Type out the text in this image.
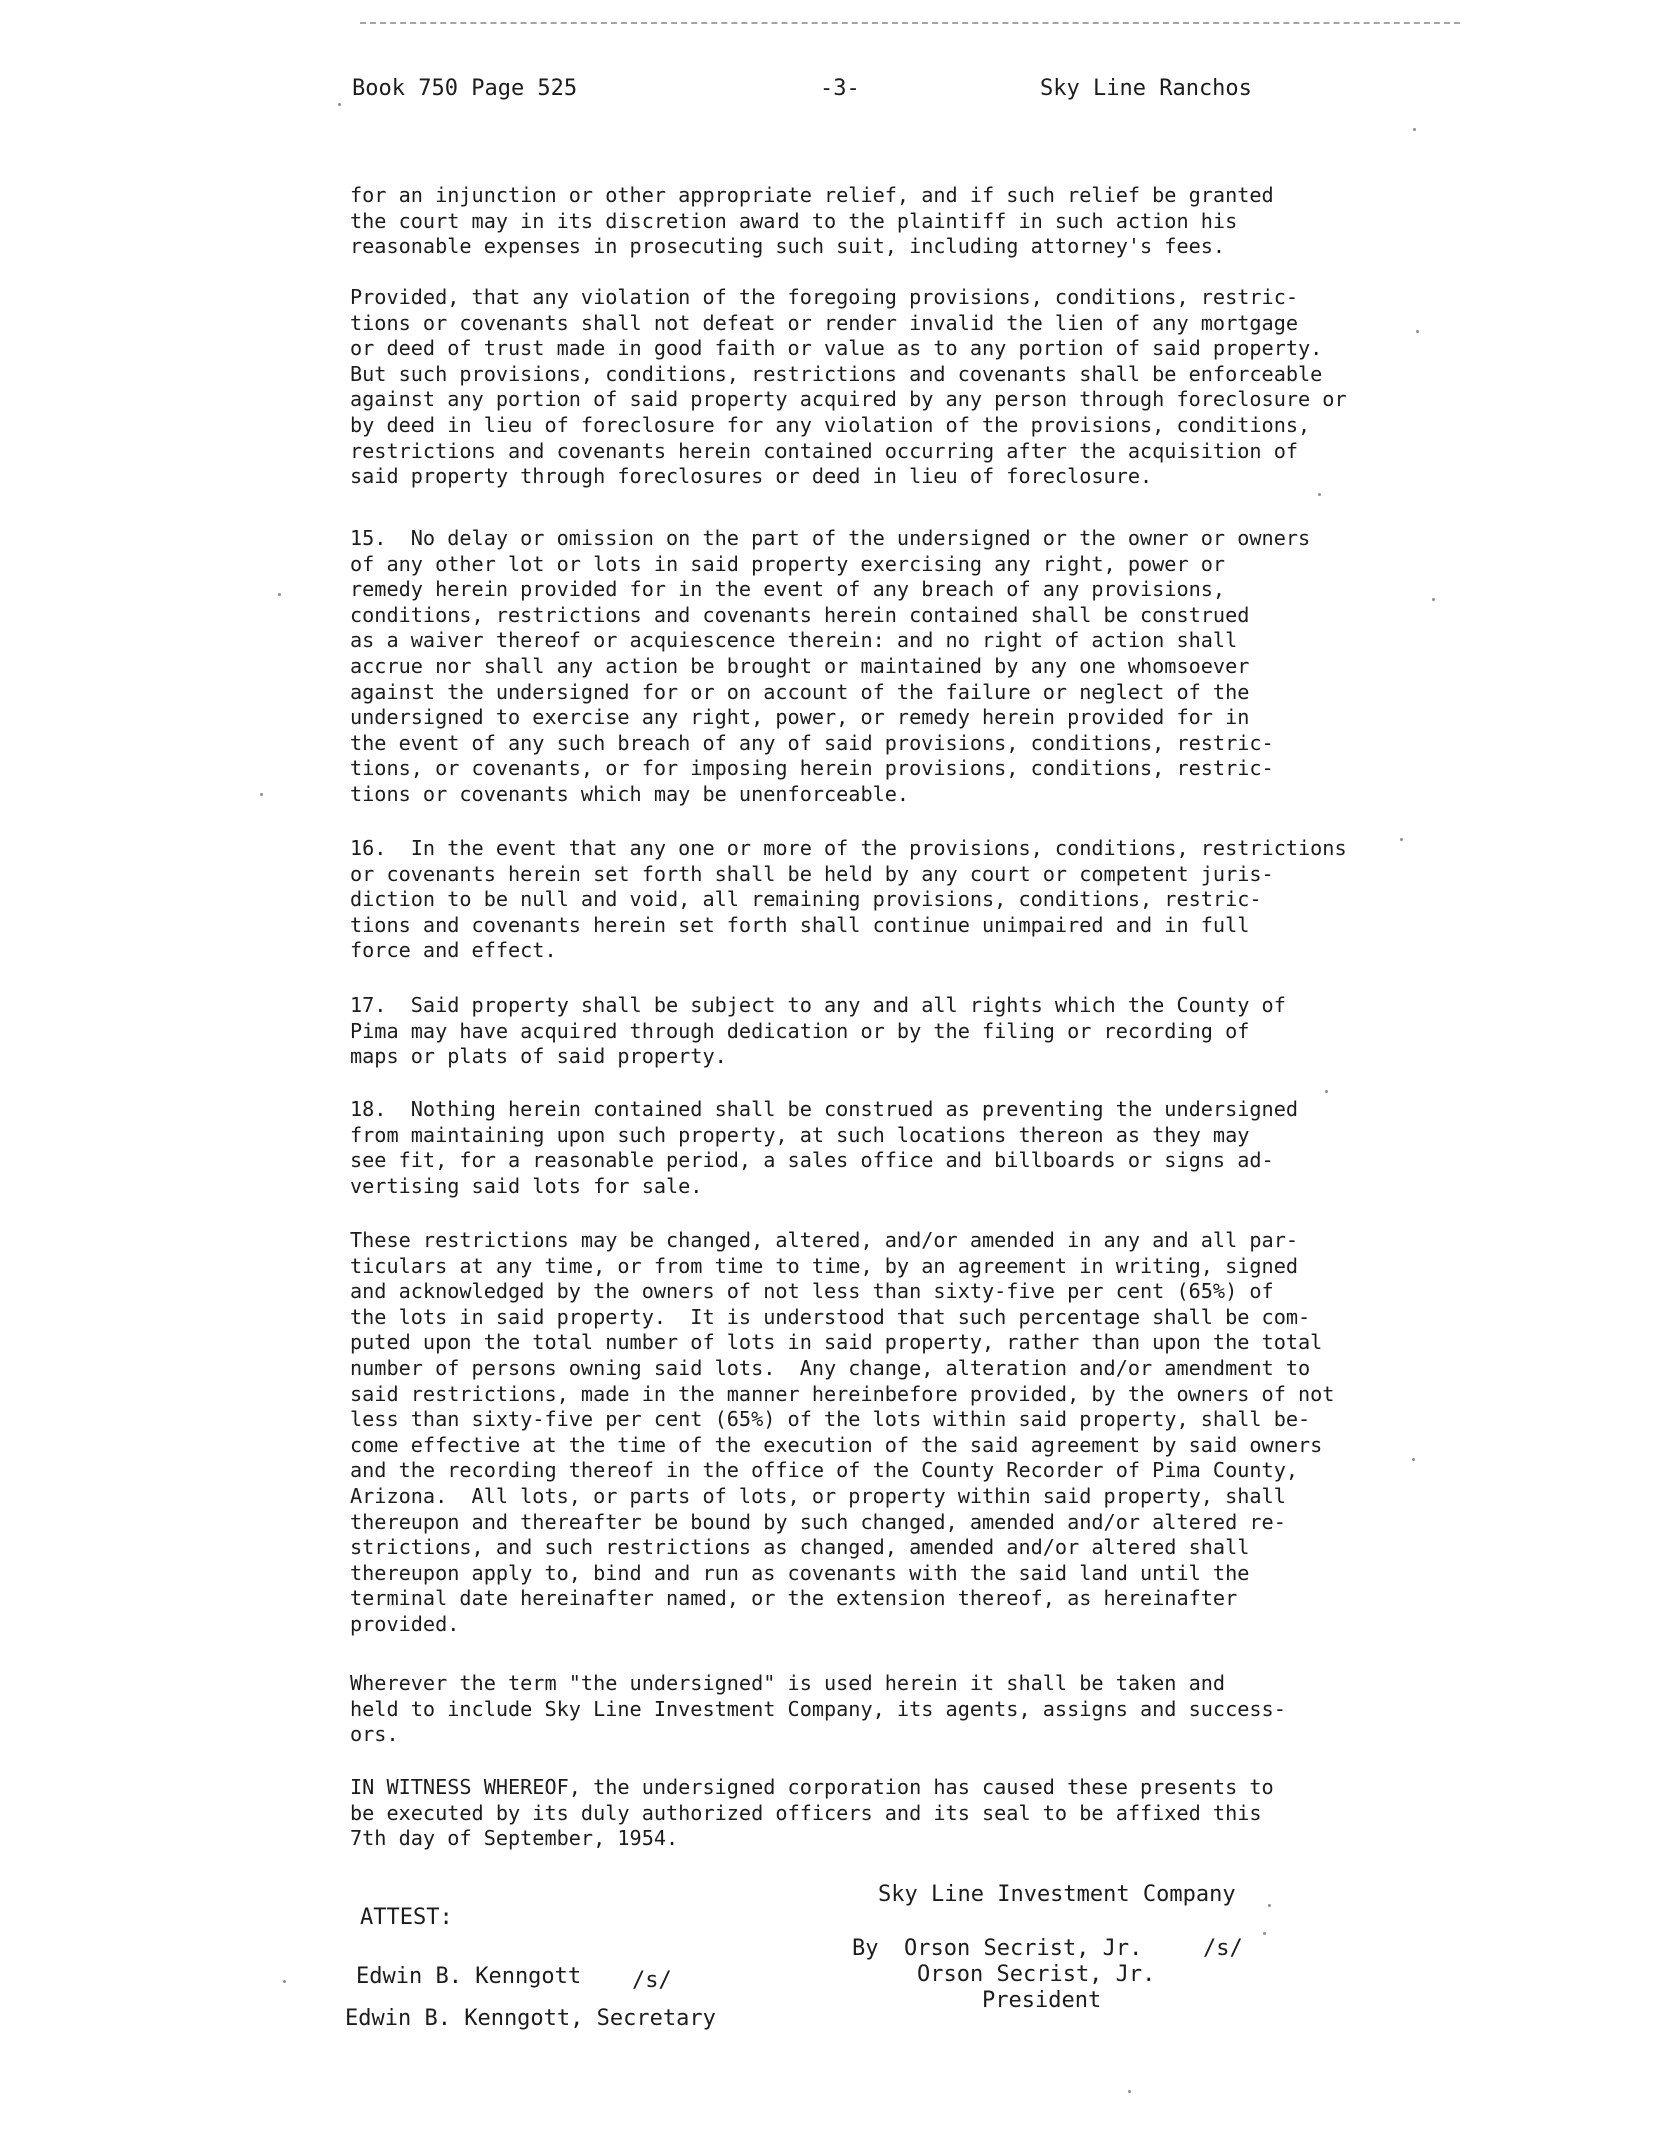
Book 750 Page 525	-3-	Sky Line Ranchos

for an injunction or other appropriate relief, and if such relief be granted
the court may in its discretion award to the plaintiff in such action his
reasonable expenses in prosecuting such suit, including attorney's fees.

Provided, that any violation of the foregoing provisions, conditions, restric-
tions or covenants shall not defeat or render invalid the lien of any mortgage
or deed of trust made in good faith or value as to any portion of said property.
But such provisions, conditions, restrictions and covenants shall be enforceable
against any portion of said property acquired by any person through foreclosure or
by deed in lieu of foreclosure for any violation of the provisions, conditions,
restrictions and covenants herein contained occurring after the acquisition of
said property through foreclosures or deed in lieu of foreclosure.

15.  No delay or omission on the part of the undersigned or the owner or owners
of any other lot or lots in said property exercising any right, power or
remedy herein provided for in the event of any breach of any provisions,
conditions, restrictions and covenants herein contained shall be construed
as a waiver thereof or acquiescence therein: and no right of action shall
accrue nor shall any action be brought or maintained by any one whomsoever
against the undersigned for or on account of the failure or neglect of the
undersigned to exercise any right, power, or remedy herein provided for in
the event of any such breach of any of said provisions, conditions, restric-
tions, or covenants, or for imposing herein provisions, conditions, restric-
tions or covenants which may be unenforceable.

16.  In the event that any one or more of the provisions, conditions, restrictions
or covenants herein set forth shall be held by any court or competent juris-
diction to be null and void, all remaining provisions, conditions, restric-
tions and covenants herein set forth shall continue unimpaired and in full
force and effect.

17.  Said property shall be subject to any and all rights which the County of
Pima may have acquired through dedication or by the filing or recording of
maps or plats of said property.

18.  Nothing herein contained shall be construed as preventing the undersigned
from maintaining upon such property, at such locations thereon as they may
see fit, for a reasonable period, a sales office and billboards or signs ad-
vertising said lots for sale.

These restrictions may be changed, altered, and/or amended in any and all par-
ticulars at any time, or from time to time, by an agreement in writing, signed
and acknowledged by the owners of not less than sixty-five per cent (65%) of
the lots in said property.  It is understood that such percentage shall be com-
puted upon the total number of lots in said property, rather than upon the total
number of persons owning said lots.  Any change, alteration and/or amendment to
said restrictions, made in the manner hereinbefore provided, by the owners of not
less than sixty-five per cent (65%) of the lots within said property, shall be-
come effective at the time of the execution of the said agreement by said owners
and the recording thereof in the office of the County Recorder of Pima County,
Arizona.  All lots, or parts of lots, or property within said property, shall
thereupon and thereafter be bound by such changed, amended and/or altered re-
strictions, and such restrictions as changed, amended and/or altered shall
thereupon apply to, bind and run as covenants with the said land until the
terminal date hereinafter named, or the extension thereof, as hereinafter
provided.

Wherever the term "the undersigned" is used herein it shall be taken and
held to include Sky Line Investment Company, its agents, assigns and success-
ors.

IN WITNESS WHEREOF, the undersigned corporation has caused these presents to
be executed by its duly authorized officers and its seal to be affixed this
7th day of September, 1954.

Sky Line Investment Company
ATTEST:
By Orson Secrist, Jr.	/s/
Orson Secrist, Jr.
President
Edwin B. Kenngott /s/
Edwin B. Kenngott, Secretary
